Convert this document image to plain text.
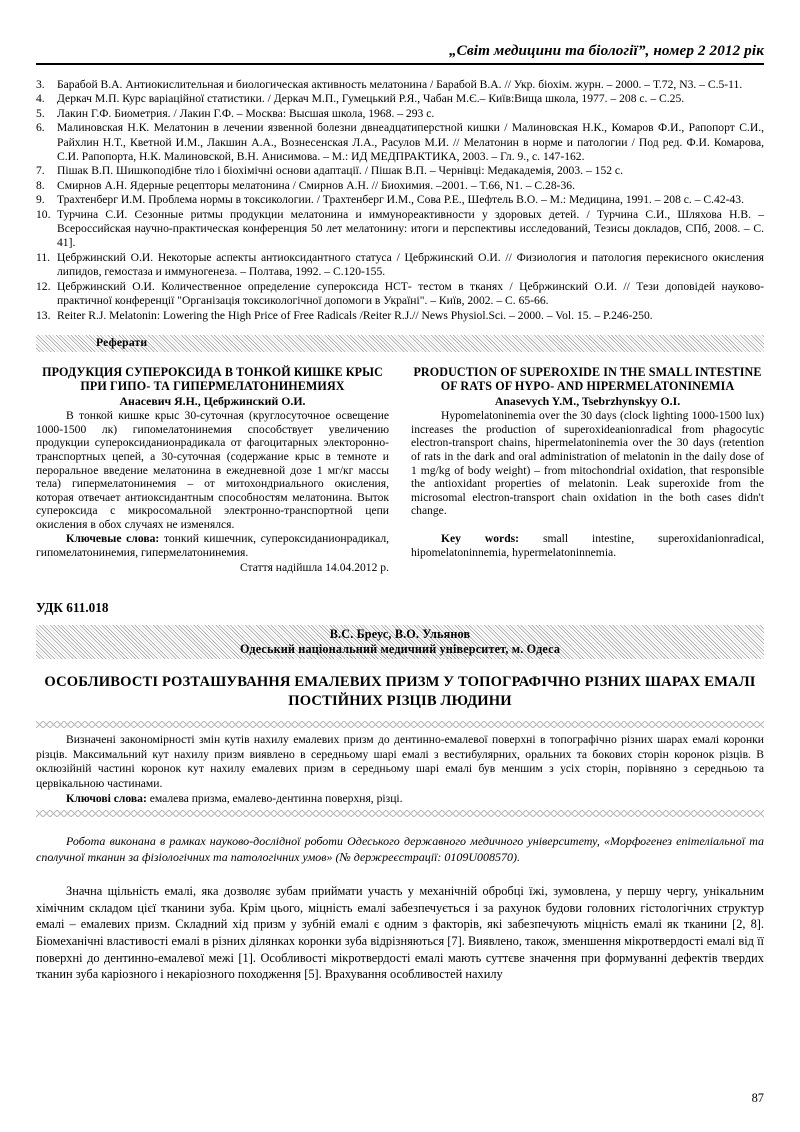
„Світ медицини та біології”, номер 2 2012 рік
3. Барабой В.А. Антиокислительная и биологическая активность мелатонина / Барабой В.А. // Укр. біохім. журн. – 2000. – Т.72, N3. – С.5-11.
4. Деркач М.П. Курс варіаційної статистики. / Деркач М.П., Гумецький Р.Я., Чабан М.Є.– Київ:Вища школа, 1977. – 208 с. – С.25.
5. Лакин Г.Ф. Биометрия. / Лакин Г.Ф. – Москва: Высшая школа, 1968. – 293 с.
6. Малиновская Н.К. Мелатонин в лечении язвенной болезни двнеадцатиперстной кишки / Малиновская Н.К., Комаров Ф.И., Рапопорт С.И., Райхлин Н.Т., Кветной И.М., Лакшин А.А., Вознесенская Л.А., Расулов М.И. // Мелатонин в норме и патологии / Под ред. Ф.И. Комарова, С.И. Рапопорта, Н.К. Малиновской, В.Н. Анисимова. – М.: ИД МЕДПРАКТИКА, 2003. – Гл. 9., с. 147-162.
7. Пішак В.П. Шишкоподібне тіло і біохімічні основи адаптації. / Пішак В.П. – Чернівці: Медакадемія, 2003. – 152 с.
8. Смирнов А.Н. Ядерные рецепторы мелатонина / Смирнов А.Н. // Биохимия. –2001. – Т.66, N1. – С.28-36.
9. Трахтенберг И.М. Проблема нормы в токсикологии. / Трахтенберг И.М., Сова Р.Е., Шефтель В.О. – М.: Медицина, 1991. – 208 с. – С.42-43.
10. Турчина С.И. Сезонные ритмы продукции мелатонина и иммунореактивности у здоровых детей. / Турчина С.И., Шляхова Н.В. –Всероссийская научно-практическая конференция 50 лет мелатонину: итоги и перспективы исследований, Тезисы докладов, СПб, 2008. – С. 41].
11. Цебржинский О.И. Некоторые аспекты антиоксидантного статуса / Цебржинский О.И. // Физиология и патология перекисного окисления липидов, гемостаза и иммуногенеза. – Полтава, 1992. – С.120-155.
12. Цебржинский О.И. Количественное определение супероксида НСТ- тестом в тканях / Цебржинский О.И. // Тези доповідей науково-практичної конференції "Організація токсикологічної допомоги в Україні". – Київ, 2002. – С. 65-66.
13. Reiter R.J. Melatonin: Lowering the High Price of Free Radicals /Reiter R.J.// News Physiol.Sci. – 2000. – Vol. 15. – P.246-250.
Реферати
ПРОДУКЦИЯ СУПЕРОКСИДА В ТОНКОЙ КИШКЕ КРЫС ПРИ ГИПО- ТА ГИПЕРМЕЛАТОНИНЕМИЯХ
Анасевич Я.Н., Цебржинский О.И.
В тонкой кишке крыс 30-суточная (круглосуточное освещение 1000-1500 лк) гипомелатонинемия способствует увеличению продукции супероксиданионрадикала от фагоцитарных электоронно-транспортных цепей, а 30-суточная (содержание крыс в темноте и пероральное введение мелатонина в ежедневной дозе 1 мг/кг массы тела) гипермелатонинемия – от митохондриального окисления, которая отвечает антиоксидантным способностям мелатонина. Выток супероксида с микросомальной электронно-транспортной цепи окисления в обох случаях не изменялся.
Ключевые слова: тонкий кишечник, супероксиданионрадикал, гипомелатонинемия, гипермелатонинемия.
Стаття надійшла 14.04.2012 р.
PRODUCTION OF SUPEROXIDE IN THE SMALL INTESTINE OF RATS OF HYPO- AND HIPERMELATONINEMIA
Anasevych Y.M., Tsebrzhynskyy O.I.
Hypomelatoninemia over the 30 days (clock lighting 1000-1500 lux) increases the production of superoxideanionradical from phagocytic electron-transport chains, hipermelatoninemia over the 30 days (retention of rats in the dark and oral administration of melatonin in the daily dose of 1 mg/kg of body weight) – from mitochondrial oxidation, that responsible the antioxidant properties of melatonin. Leak superoxide from the microsomal electron-transport chain oxidation in the both cases didn't change.
Key words: small intestine, superoxidanionradical, hipomelatoninnemia, hypermelatoninnemia.
УДК 611.018
В.С. Бреус, В.О. Ульянов
Одеський національний медичний університет, м. Одеса
ОСОБЛИВОСТІ РОЗТАШУВАННЯ ЕМАЛЕВИХ ПРИЗМ У ТОПОГРАФІЧНО РІЗНИХ ШАРАХ ЕМАЛІ ПОСТІЙНИХ РІЗЦІВ ЛЮДИНИ

Визначені закономірності змін кутів нахилу емалевих призм до дентинно-емалевої поверхні в топографічно різних шарах емалі коронки різців. Максимальний кут нахилу призм виявлено в середньому шарі емалі з вестибулярних, оральних та бокових сторін коронок різців. В оклюзійній частині коронок кут нахилу емалевих призм в середньому шарі емалі був меншим з усіх сторін, порівняно з середньою та цервікальною частинами.

Ключові слова: емалева призма, емалево-дентинна поверхня, різці.

Робота виконана в рамках науково-дослідної роботи Одеського державного медичного університету, «Морфогенез епітеліальної та сполучної тканин за фізіологічних та патологічних умов» (№ держреєстрації: 0109U008570).

Значна щільність емалі, яка дозволяє зубам приймати участь у механічній обробці їжі, зумовлена, у першу чергу, унікальним хімічним складом цієї тканини зуба. Крім цього, міцність емалі забезпечується і за рахунок будови головних гістологічних структур емалі – емалевих призм. Складний хід призм у зубній емалі є одним з факторів, які забезпечують міцність емалі як тканини [2, 8]. Біомеханічні властивості емалі в різних ділянках коронки зуба відрізняються [7]. Виявлено, також, зменшення мікротвердості емалі від її поверхні до дентинно-емалевої межі [1]. Особливості мікротвердості емалі мають суттєве значення при формуванні дефектів твердих тканин зуба каріозного і некаріозного походження [5]. Врахування особливостей нахилу

87
